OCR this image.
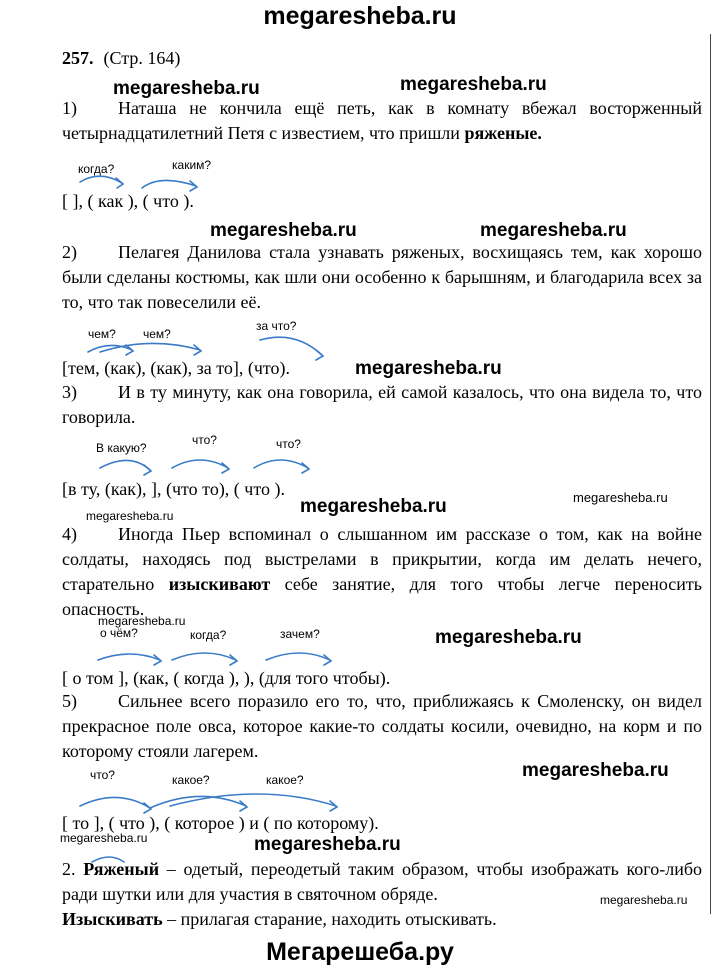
megaresheba.ru
megaresheba.ru	megaresheba.ru
megaresheba.ru	megaresheba.ru
megaresheba.ru
megaresheba.ru	megaresheba.ru
megaresheba.ru
megaresheba.ru
megaresheba.ru
megaresheba.ru
megaresheba.ru
megaresheba.ru
megaresheba.ru
Мегарешеба.ру
257. (Стр. 164)
1) Наташа не кончила ещё петь, как в комнату вбежал восторженный четырнадцатилетний Петя с известием, что пришли ряженые.
когда?	каким?
[ ], ( как ), ( что ).
2) Пелагея Данилова стала узнавать ряженых, восхищаясь тем, как хорошо были сделаны костюмы, как шли они особенно к барышням, и благодарила всех за то, что так повеселили её.
чем? чем?
за что?
[тем, (как), (как), за то], (что).
3) И в ту минуту, как она говорила, ей самой казалось, что она видела то, что говорила.
В какую?
что?	что?
[в ту, (как), ], (что то), ( что ).
4) Иногда Пьер вспоминал о слышанном им рассказе о том, как на войне солдаты, находясь под выстрелами в прикрытии, когда им делать нечего, старательно изыскивают себе занятие, для того чтобы легче переносить опасность.
о чём?	когда?	зачем?
[ о том ], (как, ( когда ), ), (для того чтобы).
5) Сильнее всего поразило его то, что, приближаясь к Смоленску, он видел прекрасное поле овса, которое какие-то солдаты косили, очевидно, на корм и по которому стояли лагерем.
что?	какое?	какое?
[ то ], ( что ), ( которое ) и ( по которому).
2. Ряженый – одетый, переодетый таким образом, чтобы изображать кого-либо ради шутки или для участия в святочном обряде.
Изыскивать – прилагая старание, находить отыскивать.
